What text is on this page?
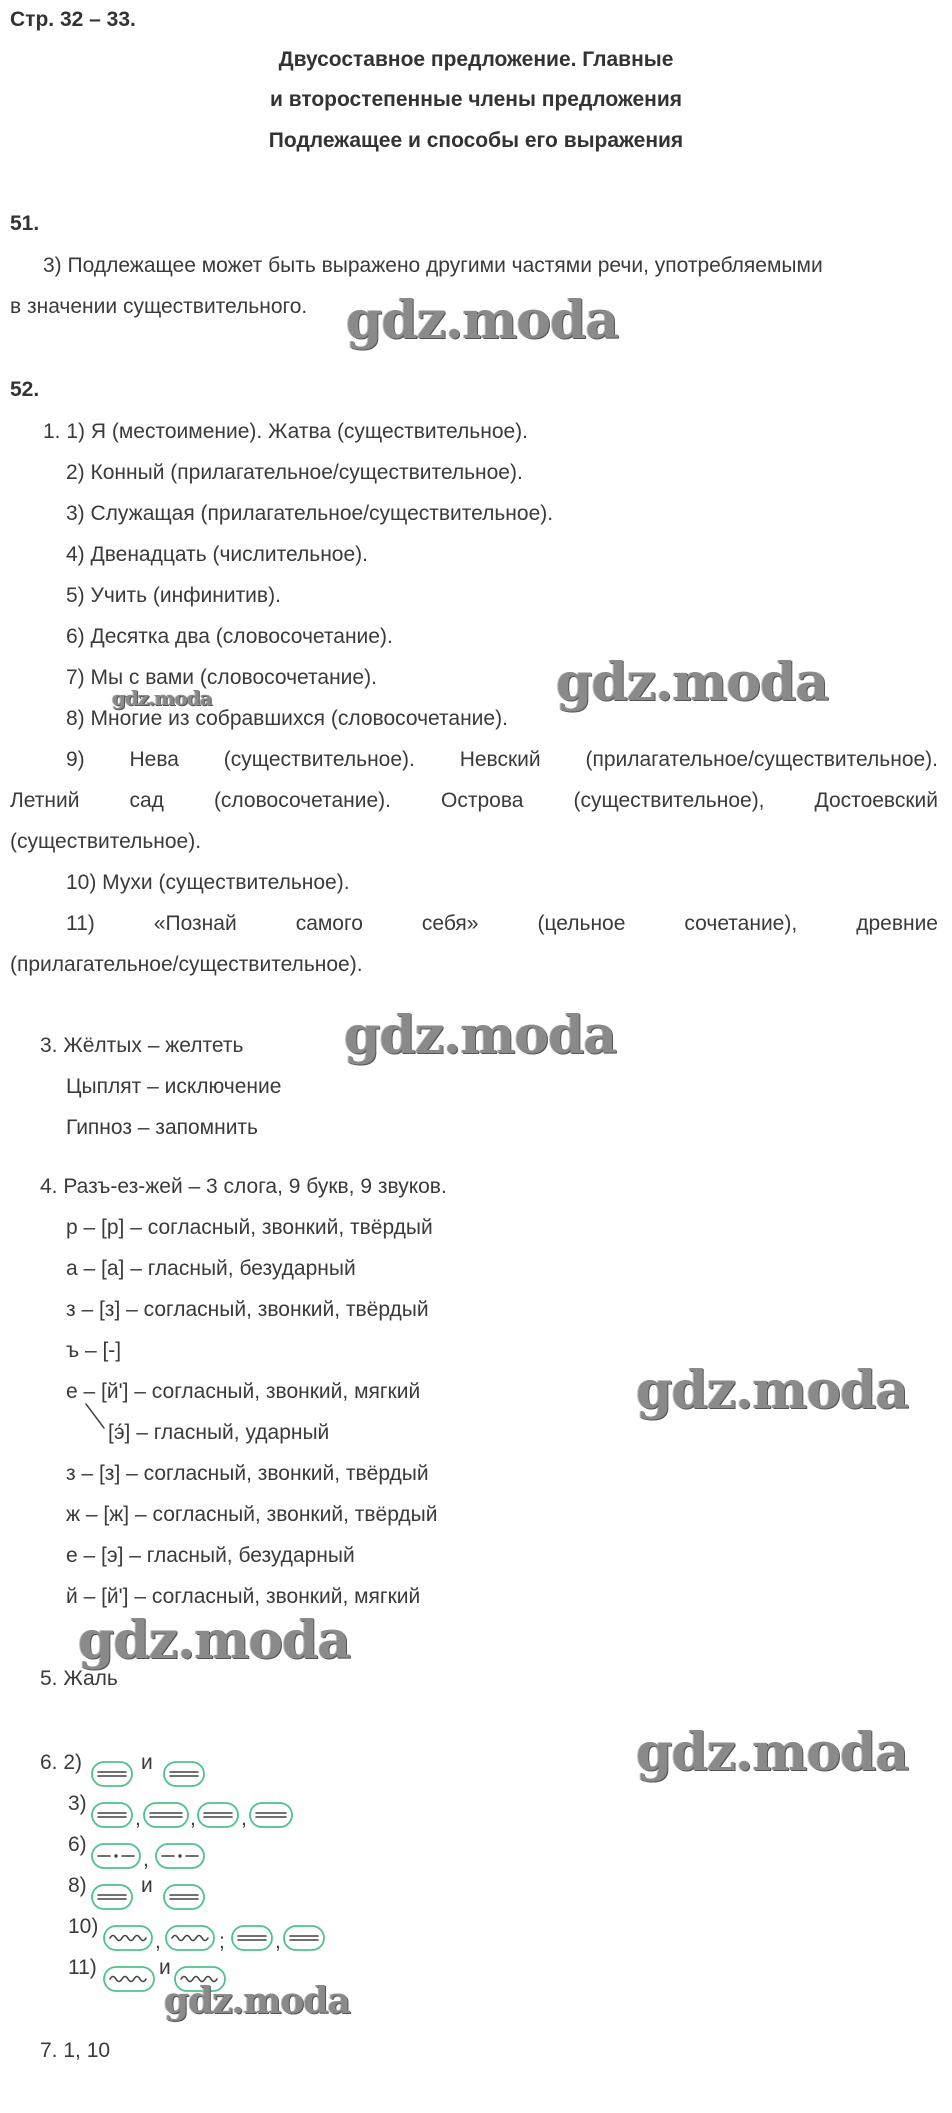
Стр. 32 – 33.
Двусоставное предложение. Главные
и второстепенные члены предложения
Подлежащее и способы его выражения
51.
3) Подлежащее может быть выражено другими частями речи, употребляемыми
в значении существительного.
52.
1. 1) Я (местоимение). Жатва (существительное).
2) Конный (прилагательное/существительное).
3) Служащая (прилагательное/существительное).
4) Двенадцать (числительное).
5) Учить (инфинитив).
6) Десятка два (словосочетание).
7) Мы с вами (словосочетание).
8) Многие из собравшихся (словосочетание).
9) Нева (существительное). Невский (прилагательное/существительное).
Летний сад (словосочетание). Острова (существительное), Достоевский
(существительное).
10) Мухи (существительное).
11) «Познай самого себя» (цельное сочетание), древние
(прилагательное/существительное).
3. Жёлтых – желтеть
Цыплят – исключение
Гипноз – запомнить
4. Разъ-ез-жей – 3 слога, 9 букв, 9 звуков.
р – [р] – согласный, звонкий, твёрдый
а – [а] – гласный, безударный
з – [з] – согласный, звонкий, твёрдый
ъ – [-]
е – [й'] – согласный, звонкий, мягкий
[э́] – гласный, ударный
з – [з] – согласный, звонкий, твёрдый
ж – [ж] – согласный, звонкий, твёрдый
е – [э] – гласный, безударный
й – [й'] – согласный, звонкий, мягкий
5. Жаль
6. 2)	и
3)
6)
8)	и
10)
11)	и
7. 1, 10
, , ,
,
,	; ,
gdz.moda
gdz.moda
gdz.moda
gdz.moda
gdz.moda
gdz.moda
gdz.moda
gdz.moda
